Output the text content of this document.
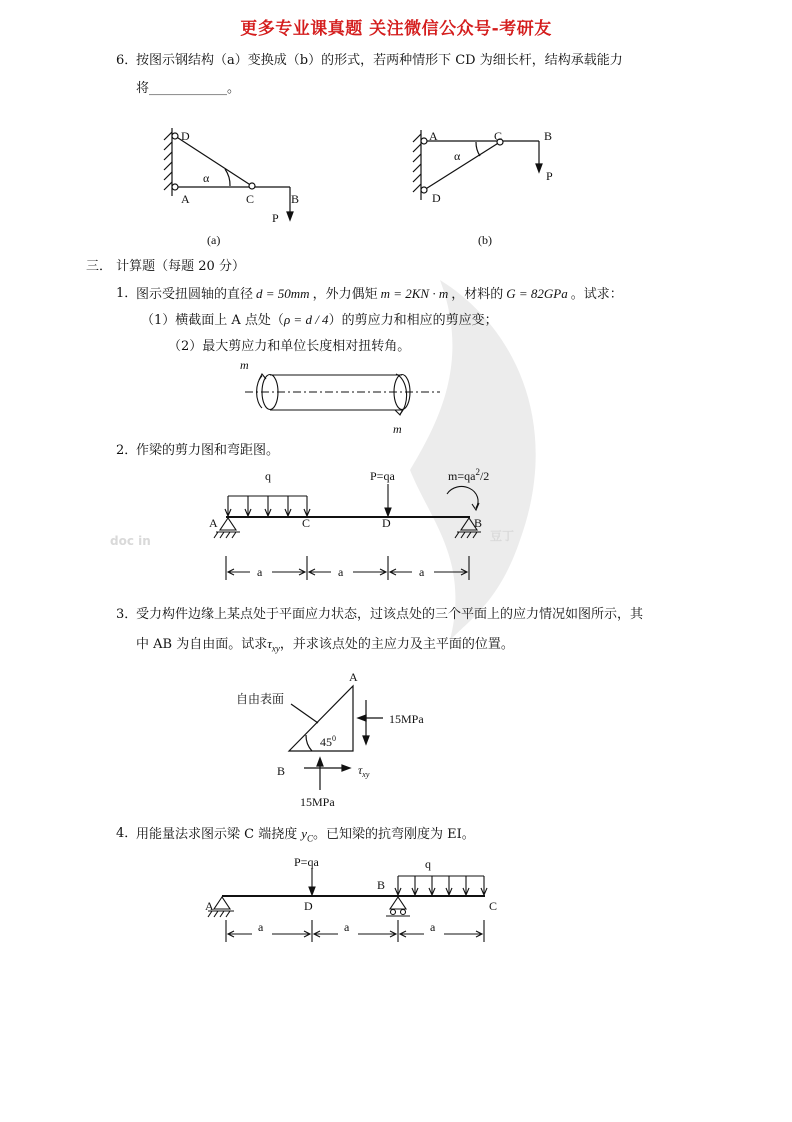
doc in	豆丁
更多专业课真题 关注微信公众号-考研友
6．
按图示钢结构（a）变换成（b）的形式，若两种情形下 CD 为细长杆，结构承载能力
将____________。
D
α
A	C	B
P
(a)
A	C	B
α
P
D
(b)
三． 计算题（每题 20 分）
1．
图示受扭圆轴的直径 d = 50mm ，外力偶矩 m = 2KN · m ，材料的 G = 82GPa 。试求：
（1）横截面上 A 点处（ρ = d / 4）的剪应力和相应的剪应变；
（2）最大剪应力和单位长度相对扭转角。
m
m
2．
作梁的剪力图和弯距图。
q	P=qa	$m=qa^2/2$
A	C	D	B
a	a	a
3．
受力构件边缘上某点处于平面应力状态，过该点处的三个平面上的应力情况如图所示，其
中 AB 为自由面。试求$\tau_{xy}$，并求该点处的主应力及主平面的位置。
自由表面
A
B
$45^0$
15MPa
15MPa
$\tau_{xy}$
4．
用能量法求图示梁 C 端挠度 $y_C$。已知梁的抗弯刚度为 EI。
P=qa	q
A	D
B
C
a	a	a
